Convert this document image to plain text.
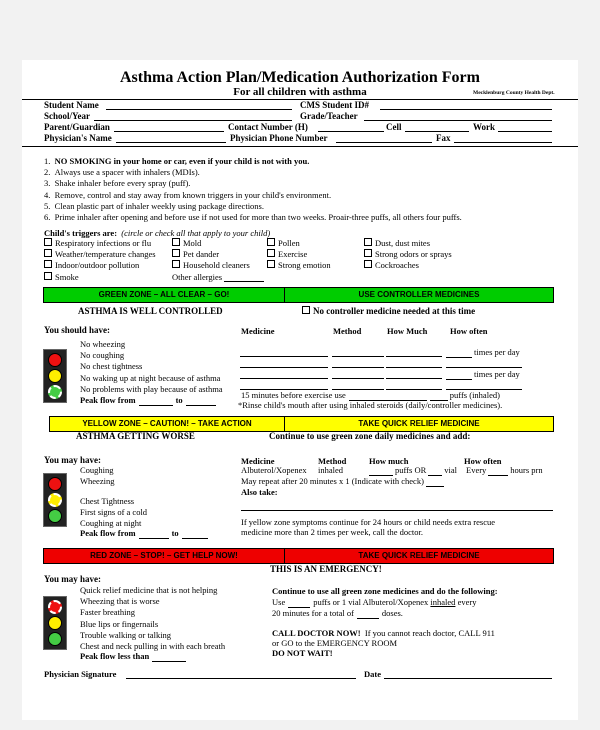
Asthma Action Plan/Medication Authorization Form
For all children with asthma	Mecklenburg County Health Dept.
Student Name	CMS Student ID#
School/Year	Grade/Teacher
Parent/Guardian	Contact Number (H)	Cell	Work
Physician's Name	Physician Phone Number	Fax
1. NO SMOKING in your home or car, even if your child is not with you.
2. Always use a spacer with inhalers (MDIs).
3. Shake inhaler before every spray (puff).
4. Remove, control and stay away from known triggers in your child's environment.
5. Clean plastic part of inhaler weekly using package directions.
6. Prime inhaler after opening and before use if not used for more than two weeks. Proair-three puffs, all others four puffs.
Child's triggers are: (circle or check all that apply to your child)
Respiratory infections or flu
Weather/temperature changes
Indoor/outdoor pollution
Smoke
Mold
Pet dander
Household cleaners
Other allergies
Pollen
Exercise
Strong emotion
Dust, dust mites
Strong odors or sprays
Cockroaches
GREEN ZONE – ALL CLEAR – GO!	USE CONTROLLER MEDICINES
ASTHMA IS WELL CONTROLLED	No controller medicine needed at this time
You should have:	Medicine	Method	How Much	How often
No wheezing
No coughing
No chest tightness
No waking up at night because of asthma
No problems with play because of asthma
Peak flow from	to
times per day
times per day
15 minutes before exercise use	puffs (inhaled)
*Rinse child's mouth after using inhaled steroids (daily/controller medicines).
YELLOW ZONE – CAUTION! – TAKE ACTION	TAKE QUICK RELIEF MEDICINE
ASTHMA GETTING WORSE	Continue to use green zone daily medicines and add:
You may have:	Medicine	Method	How much	How often
Coughing
Wheezing
Chest Tightness
First signs of a cold
Coughing at night
Peak flow from	to
Albuterol/Xopenex inhaled	puffs OR vial Every	hours prn
May repeat after 20 minutes x 1 (Indicate with check)
Also take:
If yellow zone symptoms continue for 24 hours or child needs extra rescue
medicine more than 2 times per week, call the doctor.
RED ZONE – STOP! – GET HELP NOW!	TAKE QUICK RELIEF MEDICINE
THIS IS AN EMERGENCY!
You may have:
Quick relief medicine that is not helping
Wheezing that is worse
Faster breathing
Blue lips or fingernails
Trouble walking or talking
Chest and neck pulling in with each breath
Peak flow less than
Continue to use all green zone medicines and do the following:
Use	puffs or 1 vial Albuterol/Xopenex inhaled every
20 minutes for a total of	doses.
CALL DOCTOR NOW! If you cannot reach doctor, CALL 911
or GO to the EMERGENCY ROOM
DO NOT WAIT!
Physician Signature	Date
